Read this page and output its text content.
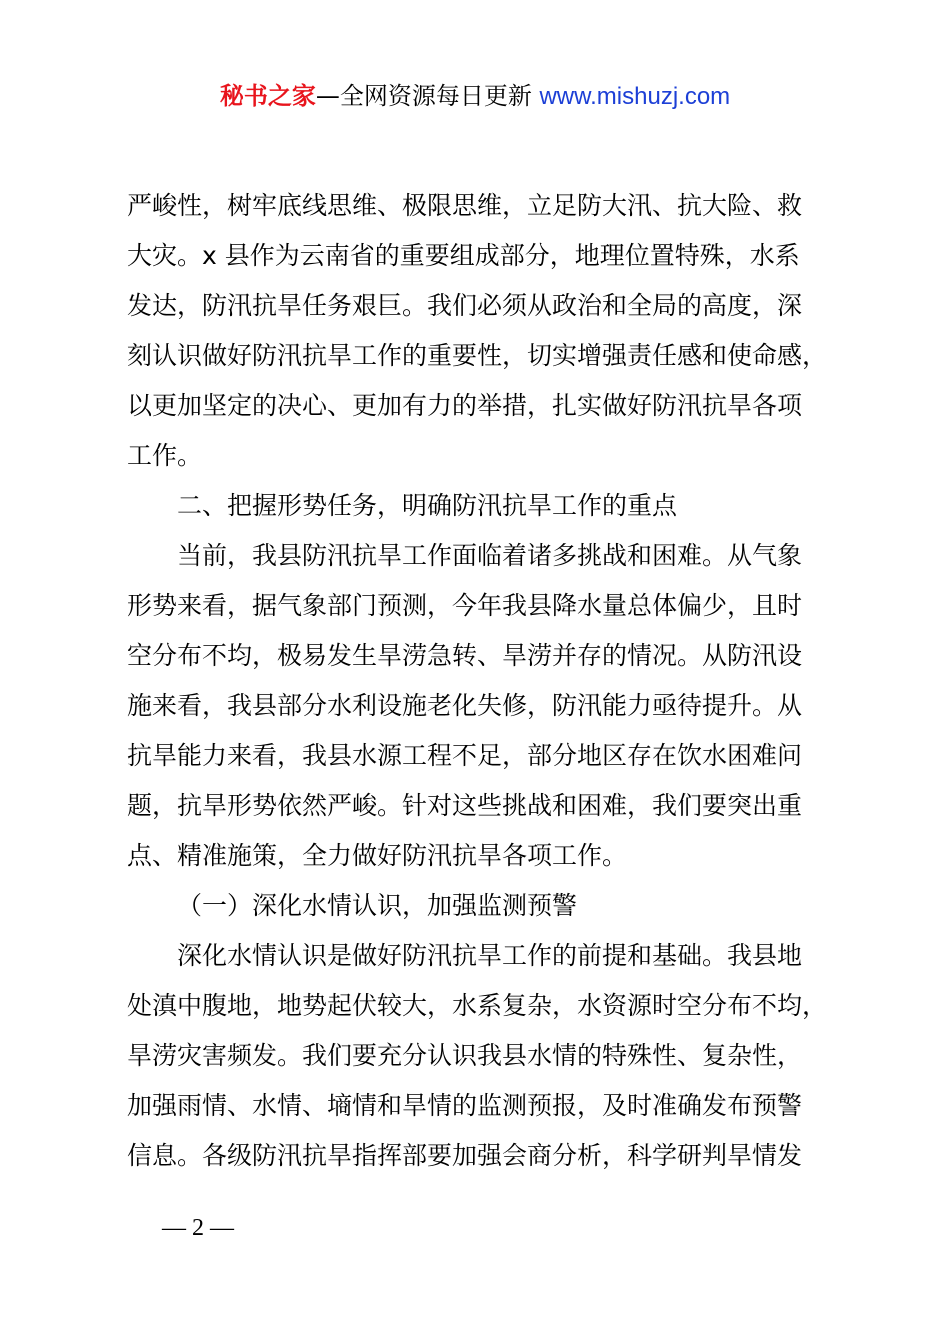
秘书之家—全网资源每日更新 www.mishuzj.com

严峻性，树牢底线思维、极限思维，立足防大汛、抗大险、救

大灾。x 县作为云南省的重要组成部分，地理位置特殊，水系

发达，防汛抗旱任务艰巨。我们必须从政治和全局的高度，深

刻认识做好防汛抗旱工作的重要性，切实增强责任感和使命感，

以更加坚定的决心、更加有力的举措，扎实做好防汛抗旱各项

工作。

二、把握形势任务，明确防汛抗旱工作的重点

当前，我县防汛抗旱工作面临着诸多挑战和困难。从气象

形势来看，据气象部门预测，今年我县降水量总体偏少，且时

空分布不均，极易发生旱涝急转、旱涝并存的情况。从防汛设

施来看，我县部分水利设施老化失修，防汛能力亟待提升。从

抗旱能力来看，我县水源工程不足，部分地区存在饮水困难问

题，抗旱形势依然严峻。针对这些挑战和困难，我们要突出重

点、精准施策，全力做好防汛抗旱各项工作。

（一）深化水情认识，加强监测预警

深化水情认识是做好防汛抗旱工作的前提和基础。我县地

处滇中腹地，地势起伏较大，水系复杂，水资源时空分布不均，

旱涝灾害频发。我们要充分认识我县水情的特殊性、复杂性，

加强雨情、水情、墒情和旱情的监测预报，及时准确发布预警

信息。各级防汛抗旱指挥部要加强会商分析，科学研判旱情发

— 2 —
